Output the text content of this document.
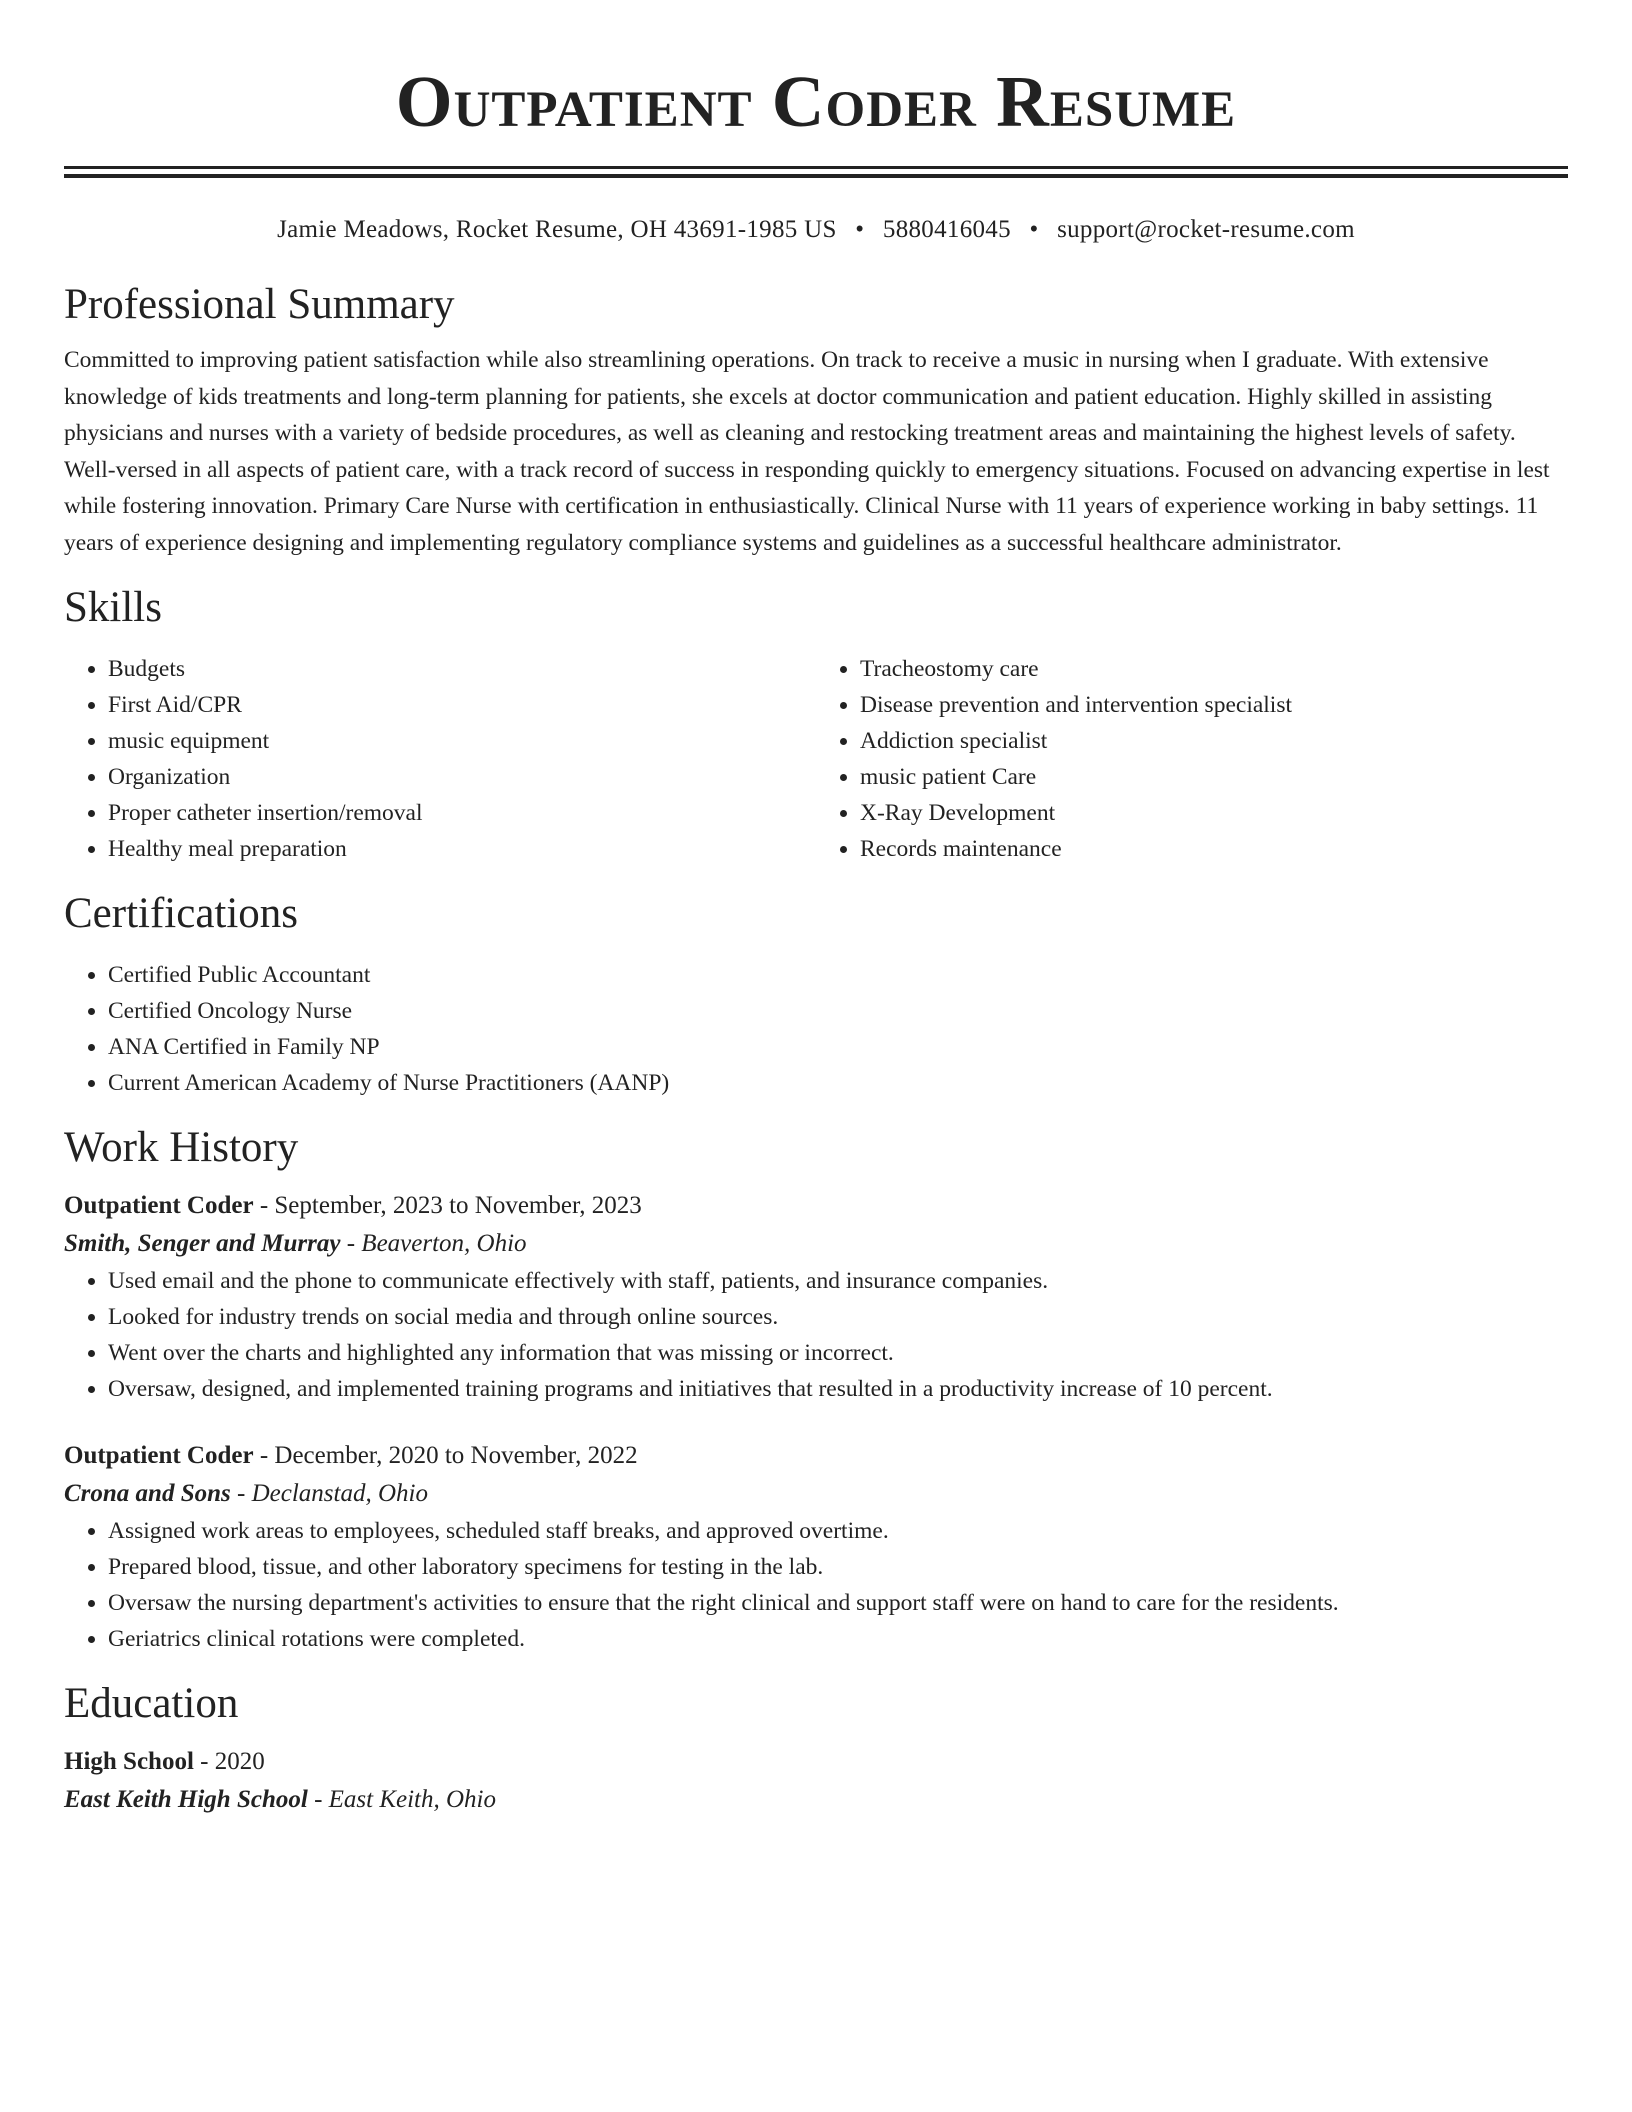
Outpatient Coder Resume
Jamie Meadows, Rocket Resume, OH 43691-1985 US • 5880416045 • support@rocket-resume.com
Professional Summary

Committed to improving patient satisfaction while also streamlining operations. On track to receive a music in nursing when I graduate. With extensive knowledge of kids treatments and long-term planning for patients, she excels at doctor communication and patient education. Highly skilled in assisting physicians and nurses with a variety of bedside procedures, as well as cleaning and restocking treatment areas and maintaining the highest levels of safety. Well-versed in all aspects of patient care, with a track record of success in responding quickly to emergency situations. Focused on advancing expertise in lest while fostering innovation. Primary Care Nurse with certification in enthusiastically. Clinical Nurse with 11 years of experience working in baby settings. 11 years of experience designing and implementing regulatory compliance systems and guidelines as a successful healthcare administrator.

Skills
• Budgets
• First Aid/CPR
• music equipment
• Organization
• Proper catheter insertion/removal
• Healthy meal preparation
• Tracheostomy care
• Disease prevention and intervention specialist
• Addiction specialist
• music patient Care
• X-Ray Development
• Records maintenance
Certifications
• Certified Public Accountant
• Certified Oncology Nurse
• ANA Certified in Family NP
• Current American Academy of Nurse Practitioners (AANP)
Work History
Outpatient Coder - September, 2023 to November, 2023
Smith, Senger and Murray - Beaverton, Ohio
• Used email and the phone to communicate effectively with staff, patients, and insurance companies.
• Looked for industry trends on social media and through online sources.
• Went over the charts and highlighted any information that was missing or incorrect.
• Oversaw, designed, and implemented training programs and initiatives that resulted in a productivity increase of 10 percent.
Outpatient Coder - December, 2020 to November, 2022
Crona and Sons - Declanstad, Ohio
• Assigned work areas to employees, scheduled staff breaks, and approved overtime.
• Prepared blood, tissue, and other laboratory specimens for testing in the lab.
• Oversaw the nursing department's activities to ensure that the right clinical and support staff were on hand to care for the residents.
• Geriatrics clinical rotations were completed.
Education
High School - 2020
East Keith High School - East Keith, Ohio
